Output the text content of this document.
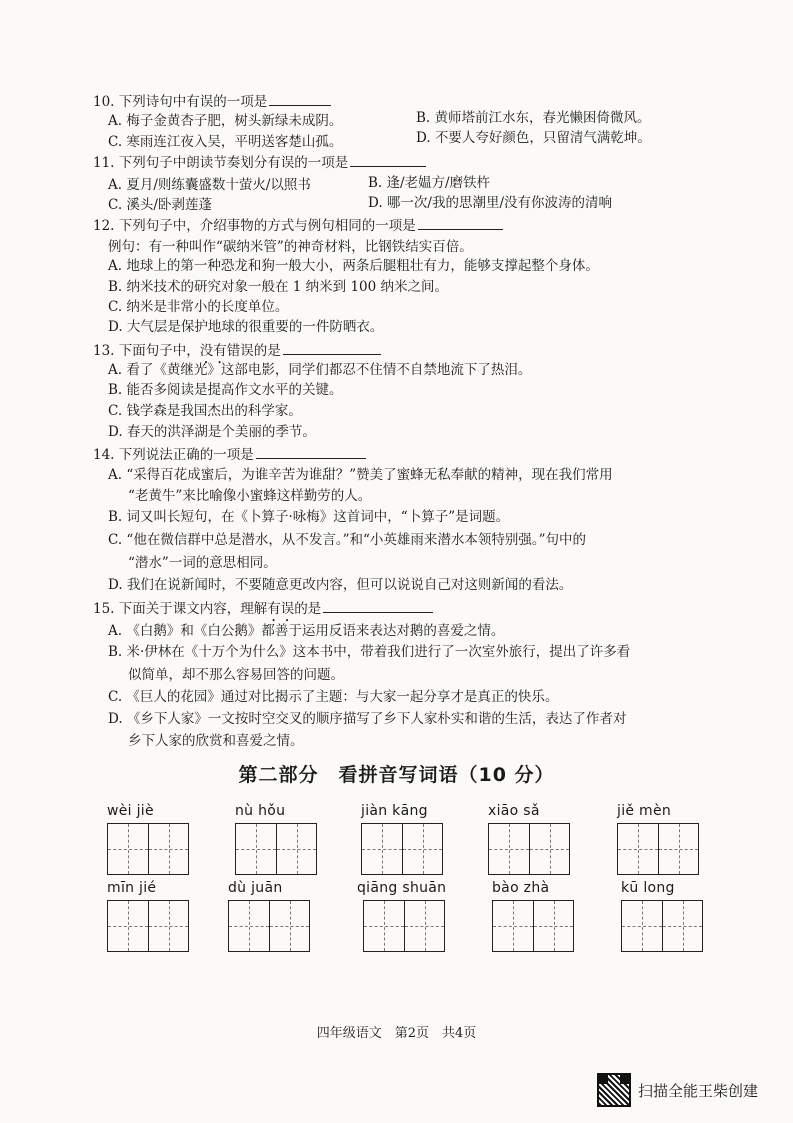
10. 下列诗句中有误的一项是
A. 梅子金黄杏子肥，树头新绿未成阴。	B. 黄师塔前江水东，春光懒困倚微风。
C. 寒雨连江夜入吴，平明送客楚山孤。	D. 不要人夸好颜色，只留清气满乾坤。
11. 下列句子中朗读节奏划分有误的一项是
A. 夏月/则练囊盛数十萤火/以照书	B. 逢/老媪方/磨铁杵
C. 溪头/卧剥莲蓬	D. 哪一次/我的思潮里/没有你波涛的清响
12. 下列句子中，介绍事物的方式与例句相同的一项是
例句：有一种叫作“碳纳米管”的神奇材料，比钢铁结实百倍。
A. 地球上的第一种恐龙和狗一般大小，两条后腿粗壮有力，能够支撑起整个身体。
B. 纳米技术的研究对象一般在 1 纳米到 100 纳米之间。
C. 纳米是非常小的长度单位。
D. 大气层是保护地球的很重要的一件防晒衣。
13. 下面句子中，没有错误的是
A. 看了《黄继光》这部电影，同学们都忍不住情不自禁地流下了热泪。
B. 能否多阅读是提高作文水平的关键。
C. 钱学森是我国杰出的科学家。
D. 春天的洪泽湖是个美丽的季节。
14. 下列说法正确的一项是
A. “采得百花成蜜后，为谁辛苦为谁甜？”赞美了蜜蜂无私奉献的精神，现在我们常用
“老黄牛”来比喻像小蜜蜂这样勤劳的人。
B. 词又叫长短句，在《卜算子·咏梅》这首词中，“卜算子”是词题。
C. “他在微信群中总是潜水，从不发言。”和“小英雄雨来潜水本领特别强。”句中的
“潜水”一词的意思相同。
D. 我们在说新闻时，不要随意更改内容，但可以说说自己对这则新闻的看法。
15. 下面关于课文内容，理解有误的是
A. 《白鹅》和《白公鹅》都善于运用反语来表达对鹅的喜爱之情。
B. 米·伊林在《十万个为什么》这本书中，带着我们进行了一次室外旅行，提出了许多看
似简单，却不那么容易回答的问题。
C. 《巨人的花园》通过对比揭示了主题：与大家一起分享才是真正的快乐。
D. 《乡下人家》一文按时空交叉的顺序描写了乡下人家朴实和谐的生活，表达了作者对
乡下人家的欣赏和喜爱之情。
第二部分　看拼音写词语（10 分）
wèi jiè	nù hǒu	jiàn kāng	xiāo sǎ	jiě mèn
mīn jié	dù juān	qiāng shuān	bào zhà	kū long
四年级语文　第2页　共4页
扫描全能王柴创建
